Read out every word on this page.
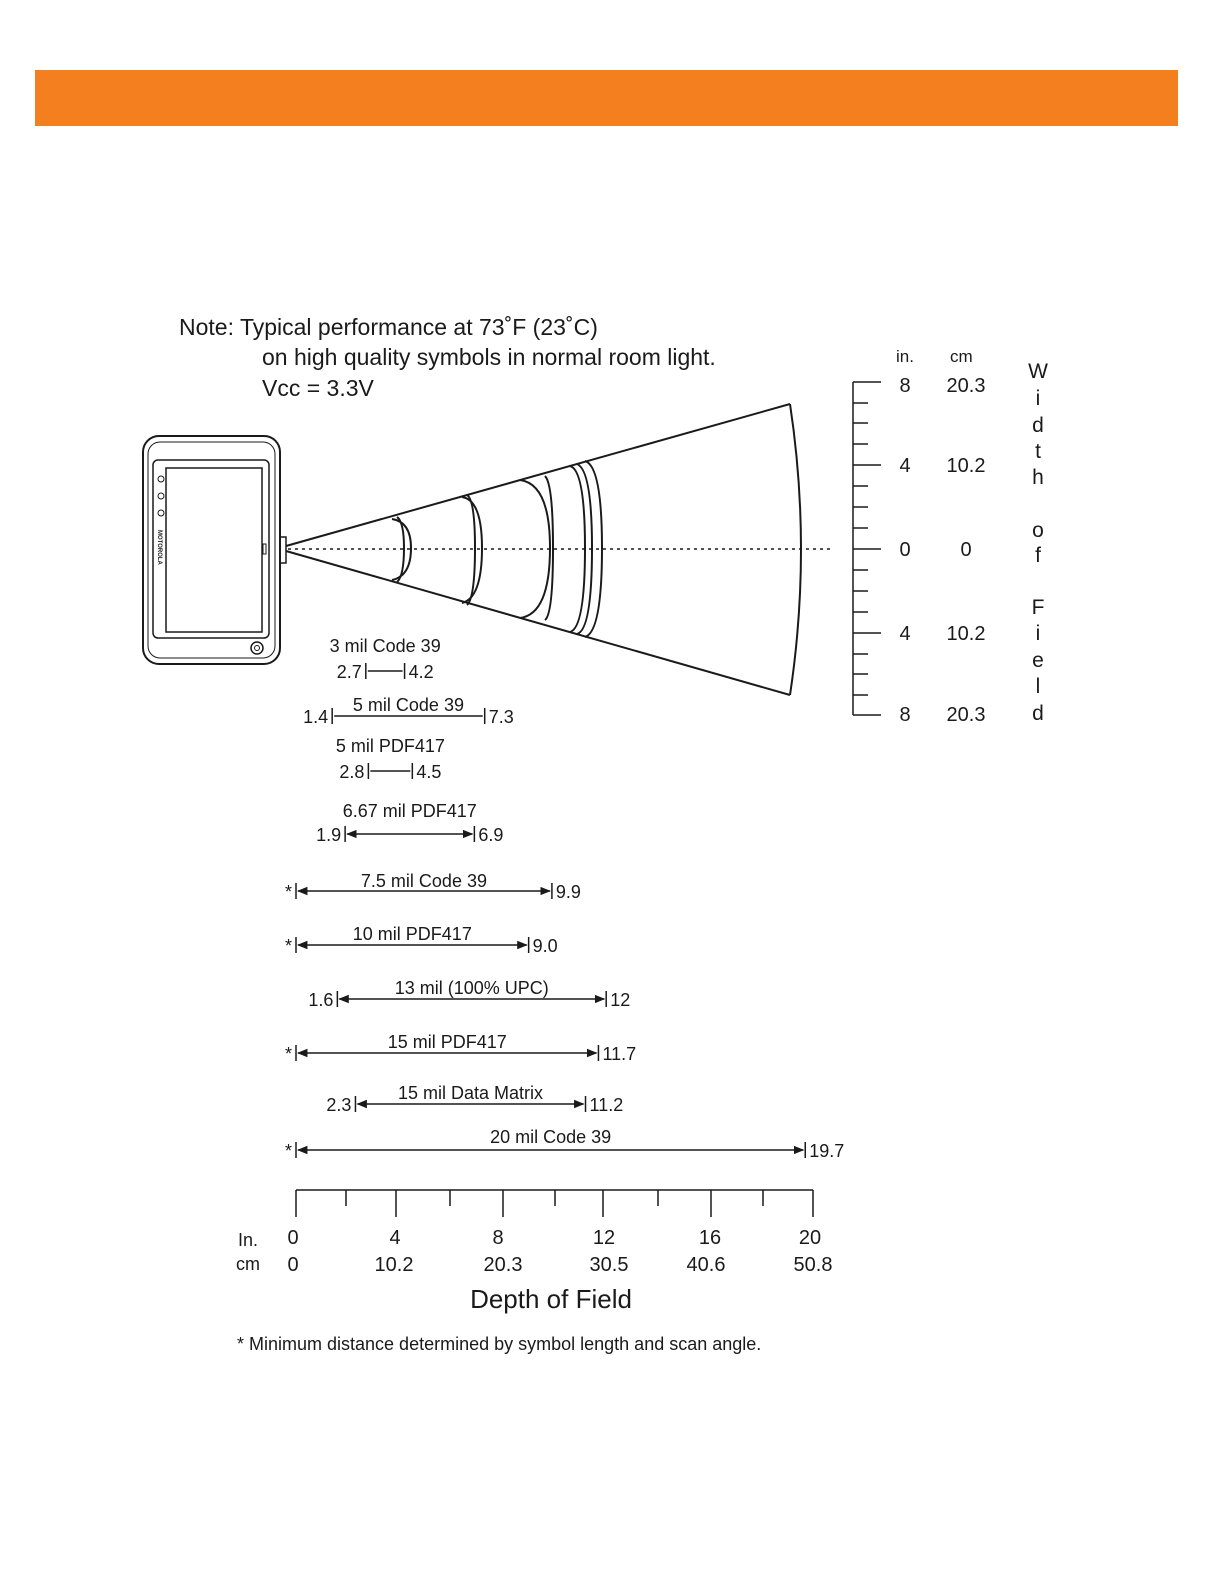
Note: Typical performance at 73˚F (23˚C)
on high quality symbols in normal room light.
Vcc = 3.3V
MOTOROLA
in. cm
8 20.3
4 10.2
0 0
4 10.2
8 20.3
W
i
d
t
h
o
f
F
i
e
l
d
3 mil Code 39
2.7	4.2
5 mil Code 39
1.4	7.3
5 mil PDF417
2.8	4.5
6.67 mil PDF417
1.9	6.9
7.5 mil Code 39
*	9.9
10 mil PDF417
*	9.0
13 mil (100% UPC)
1.6	12
15 mil PDF417
*	11.7
15 mil Data Matrix
2.3	11.2
20 mil Code 39
*	19.7
In.
cm
0	4	8	12	16	20
0	10.2	20.3	30.5	40.6	50.8
Depth of Field
* Minimum distance determined by symbol length and scan angle.
